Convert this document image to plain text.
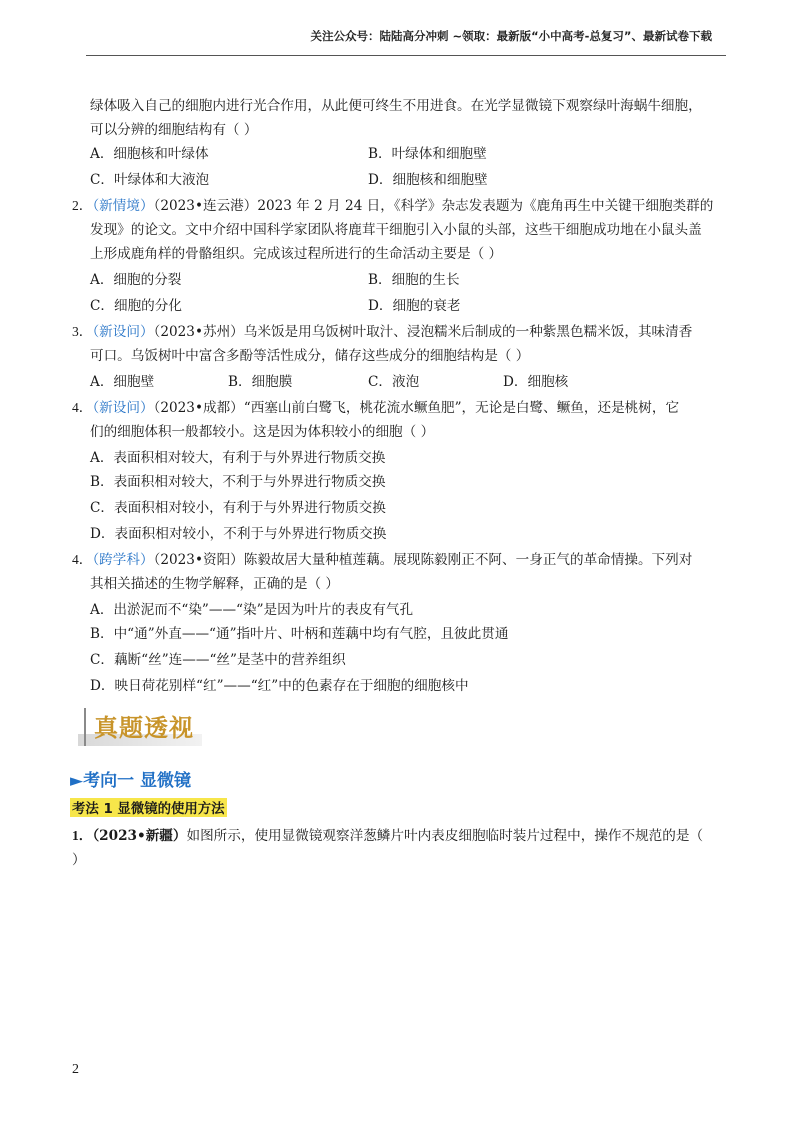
关注公众号：陆陆高分冲刺 ~领取：最新版“小中高考-总复习”、最新试卷下载
绿体吸入自己的细胞内进行光合作用，从此便可终生不用进食。在光学显微镜下观察绿叶海蜗牛细胞，
可以分辨的细胞结构有（ ）
A．细胞核和叶绿体	B．叶绿体和细胞壁
C．叶绿体和大液泡	D．细胞核和细胞壁
2．（新情境）（2023•连云港）2023 年 2 月 24 日，《科学》杂志发表题为《鹿角再生中关键干细胞类群的
发现》的论文。文中介绍中国科学家团队将鹿茸干细胞引入小鼠的头部，这些干细胞成功地在小鼠头盖
上形成鹿角样的骨骼组织。完成该过程所进行的生命活动主要是（ ）
A．细胞的分裂	B．细胞的生长
C．细胞的分化	D．细胞的衰老
3．（新设问）（2023•苏州）乌米饭是用乌饭树叶取汁、浸泡糯米后制成的一种紫黑色糯米饭，其味清香
可口。乌饭树叶中富含多酚等活性成分，储存这些成分的细胞结构是（ ）
A．细胞壁	B．细胞膜	C．液泡	D．细胞核
4．（新设问）（2023•成都）“西塞山前白鹭飞，桃花流水鳜鱼肥”，无论是白鹭、鳜鱼，还是桃树，它
们的细胞体积一般都较小。这是因为体积较小的细胞（ ）
A．表面积相对较大，有利于与外界进行物质交换
B．表面积相对较大，不利于与外界进行物质交换
C．表面积相对较小，有利于与外界进行物质交换
D．表面积相对较小，不利于与外界进行物质交换
4．（跨学科）（2023•资阳）陈毅故居大量种植莲藕。展现陈毅刚正不阿、一身正气的革命情操。下列对
其相关描述的生物学解释，正确的是（ ）
A．出淤泥而不“染”——“染”是因为叶片的表皮有气孔
B．中“通”外直——“通”指叶片、叶柄和莲藕中均有气腔，且彼此贯通
C．藕断“丝”连——“丝”是茎中的营养组织
D．映日荷花别样“红”——“红”中的色素存在于细胞的细胞核中
真题透视
►考向一 显微镜
考法 1 显微镜的使用方法
1．（2023•新疆）如图所示，使用显微镜观察洋葱鳞片叶内表皮细胞临时装片过程中，操作不规范的是（
）
2
